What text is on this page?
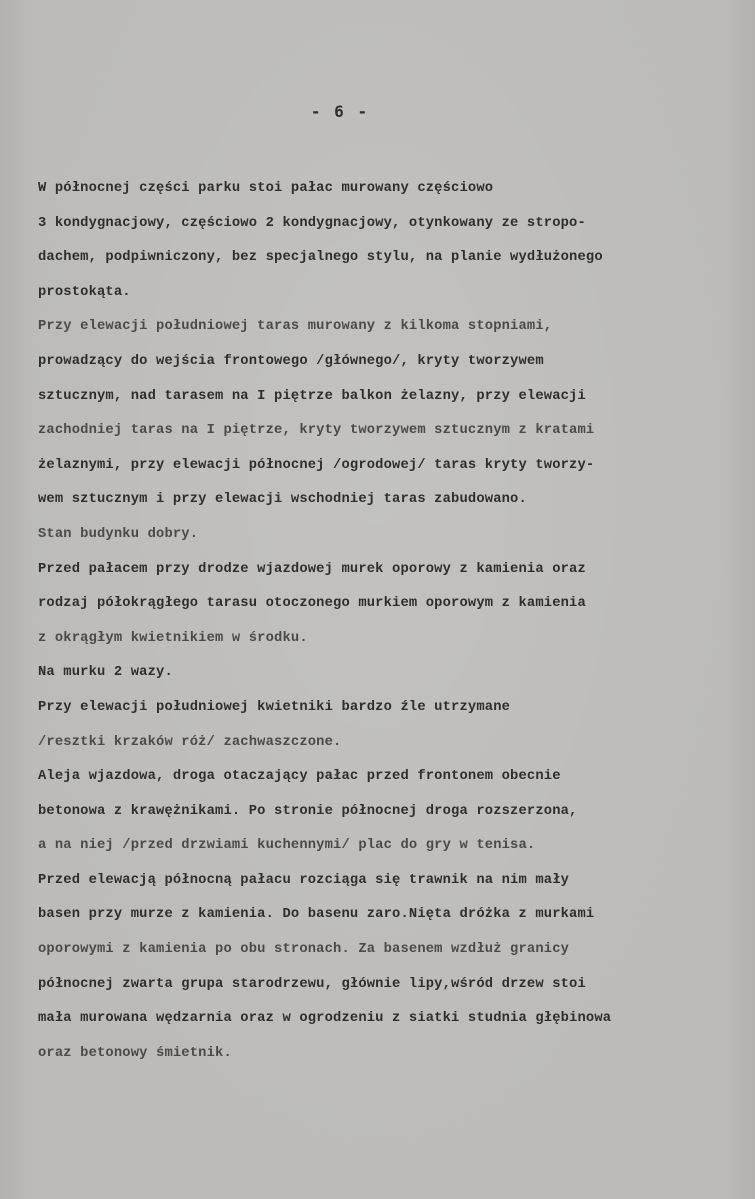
- 6 -
W północnej części parku stoi pałac murowany częściowo
3 kondygnacjowy, częściowo 2 kondygnacjowy, otynkowany ze stropo-
dachem, podpiwniczony, bez specjalnego stylu, na planie wydłużonego
prostokąta.
Przy elewacji południowej taras murowany z kilkoma stopniami,
prowadzący do wejścia frontowego /głównego/, kryty tworzywem
sztucznym, nad tarasem na I piętrze balkon żelazny, przy elewacji
zachodniej taras na I piętrze, kryty tworzywem sztucznym z kratami
żelaznymi, przy elewacji północnej /ogrodowej/ taras kryty tworzy-
wem sztucznym i przy elewacji wschodniej taras zabudowano.
Stan budynku dobry.
Przed pałacem przy drodze wjazdowej murek oporowy z kamienia oraz
rodzaj półokrągłego tarasu otoczonego murkiem oporowym z kamienia
z okrągłym kwietnikiem w środku.
Na murku 2 wazy.
Przy elewacji południowej kwietniki bardzo źle utrzymane
/resztki krzaków róż/ zachwaszczone.
Aleja wjazdowa, droga otaczający pałac przed frontonem obecnie
betonowa z krawężnikami. Po stronie północnej droga rozszerzona,
a na niej /przed drzwiami kuchennymi/ plac do gry w tenisa.
Przed elewacją północną pałacu rozciąga się trawnik na nim mały
basen przy murze z kamienia. Do basenu zaro.Nięta dróżka z murkami
oporowymi z kamienia po obu stronach. Za basenem wzdłuż granicy
północnej zwarta grupa starodrzewu, głównie lipy,wśród drzew stoi
mała murowana wędzarnia oraz w ogrodzeniu z siatki studnia głębinowa
oraz betonowy śmietnik.
